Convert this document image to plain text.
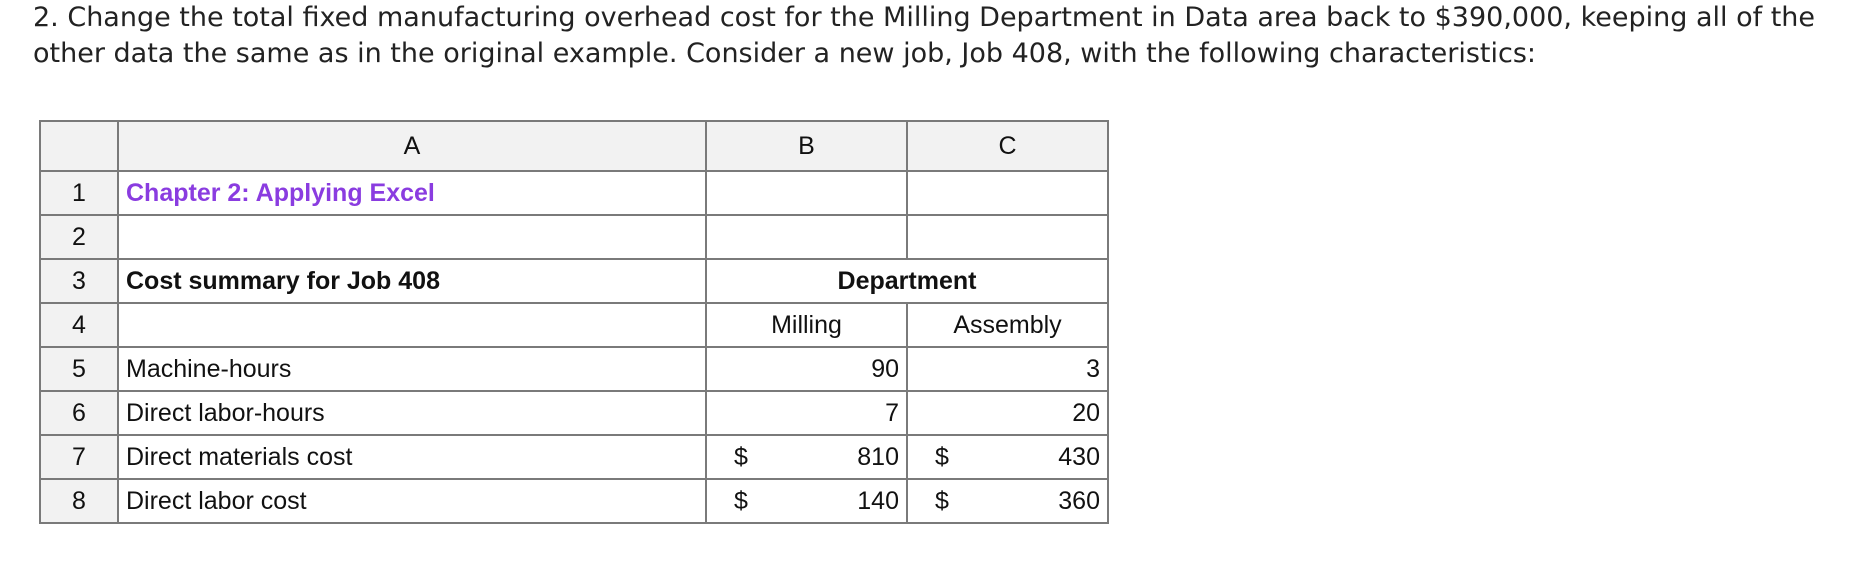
2. Change the total fixed manufacturing overhead cost for the Milling Department in Data area back to $390,000, keeping all of the

other data the same as in the original example. Consider a new job, Job 408, with the following characteristics:

	A	B	C
1	Chapter 2: Applying Excel		
2			
3	Cost summary for Job 408	Department	
4		Milling	Assembly
5	Machine-hours	90	3
6	Direct labor-hours	7	20
7	Direct materials cost	$ 810	$ 430

8	Direct labor cost	$ 140	$ 360
